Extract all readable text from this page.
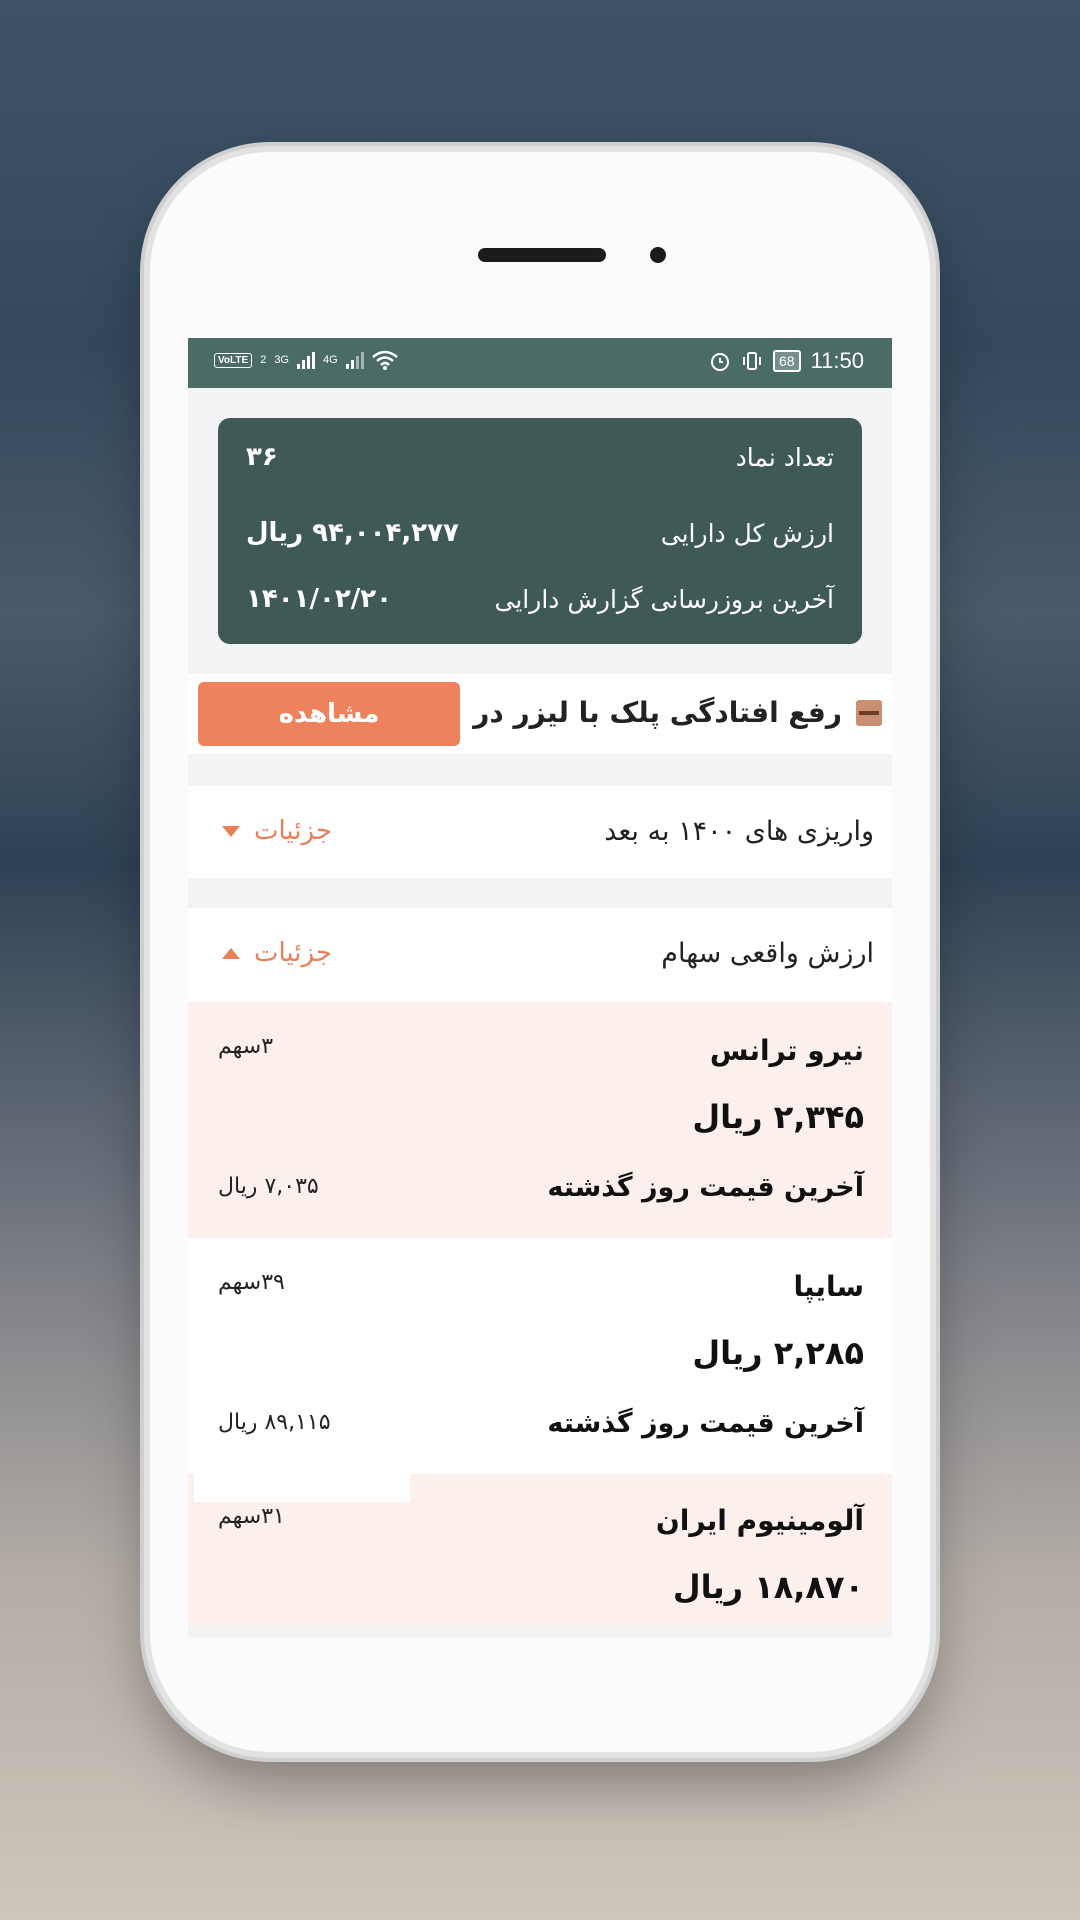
VoLTE	2 3G	4G	68 11:50
۳۶	تعداد نماد
۹۴,۰۰۴,۲۷۷ ریال	ارزش کل دارایی
۱۴۰۱/۰۲/۲۰	آخرین بروزرسانی گزارش دارایی
مشاهده	رفع افتادگی پلک با لیزر در
واریزی های ۱۴۰۰ به بعد
جزئیات
ارزش واقعی سهام
جزئیات
نیرو ترانس
۳سهم
۲,۳۴۵ ریال
آخرین قیمت روز گذشته
۷,۰۳۵ ریال
سایپا
۳۹سهم
۲,۲۸۵ ریال
آخرین قیمت روز گذشته
۸۹,۱۱۵ ریال
آلومینیوم ایران
۳۱سهم
۱۸,۸۷۰ ریال
